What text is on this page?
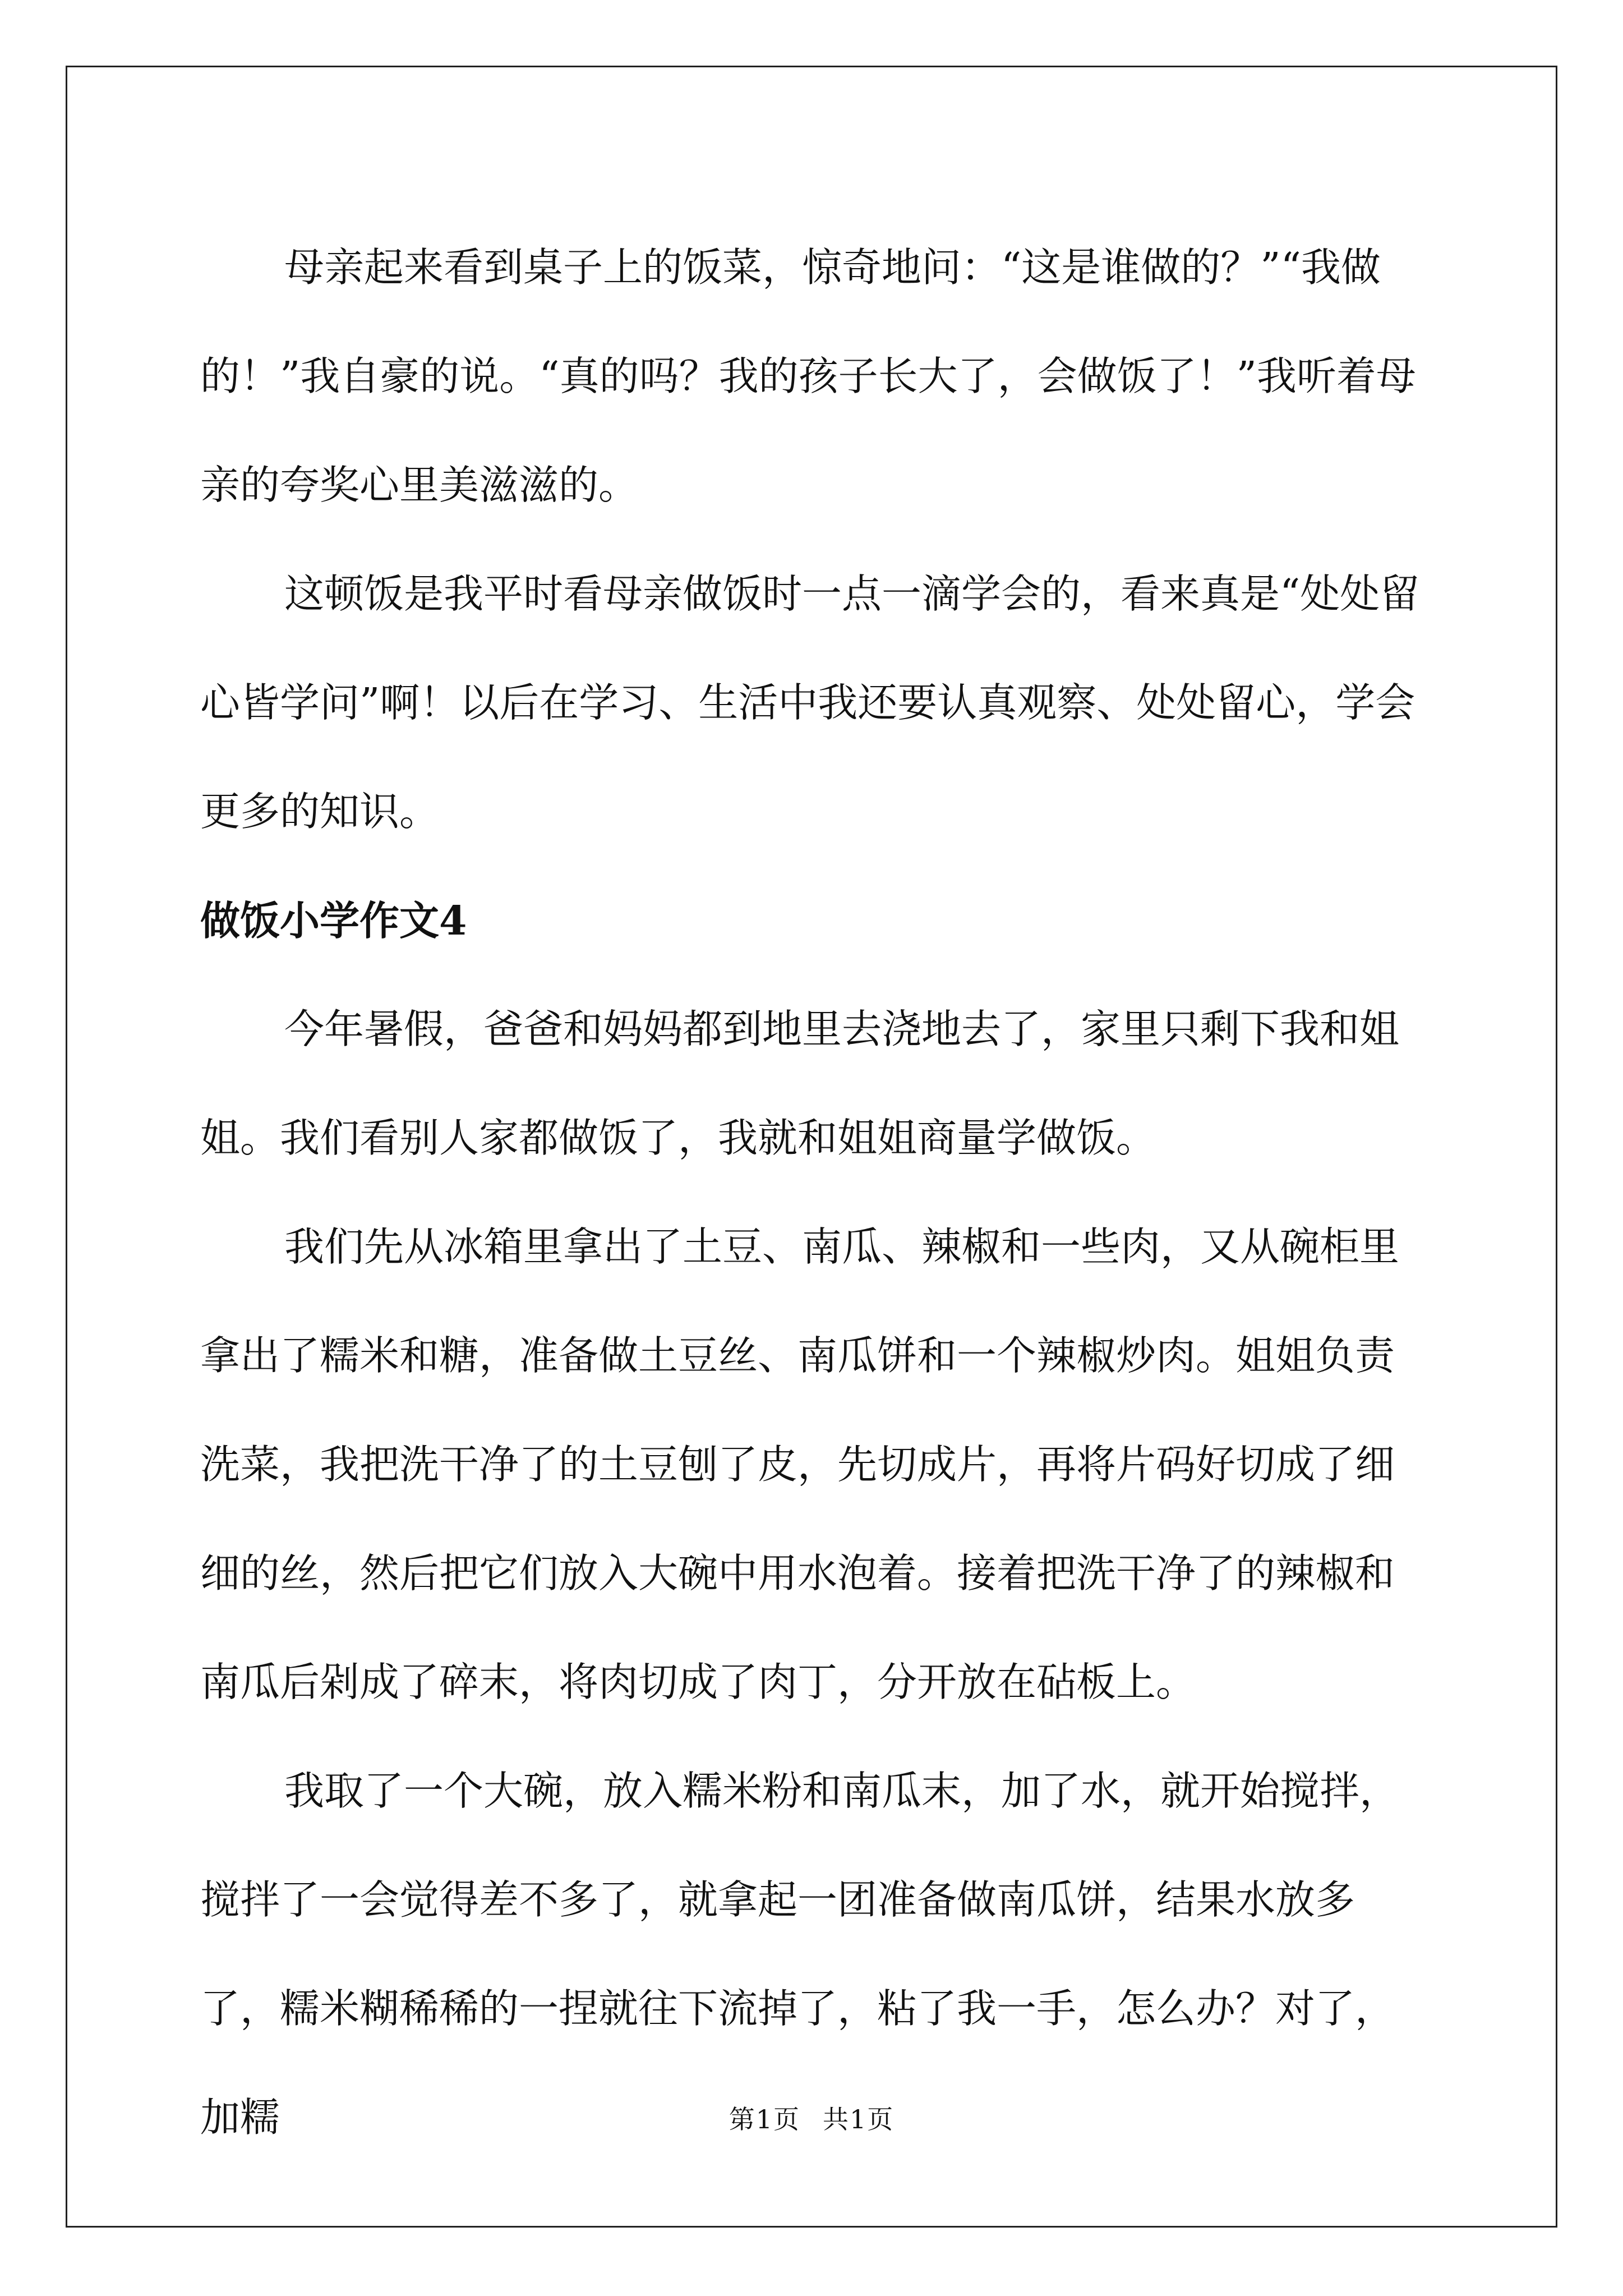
母亲起来看到桌子上的饭菜，惊奇地问：“这是谁做的？”“我做的！”我自豪的说。“真的吗？我的孩子长大了，会做饭了！”我听着母亲的夸奖心里美滋滋的。

这顿饭是我平时看母亲做饭时一点一滴学会的，看来真是“处处留心皆学问”啊！以后在学习、生活中我还要认真观察、处处留心，学会更多的知识。

做饭小学作文4

今年暑假，爸爸和妈妈都到地里去浇地去了，家里只剩下我和姐姐。我们看别人家都做饭了，我就和姐姐商量学做饭。

我们先从冰箱里拿出了土豆、南瓜、辣椒和一些肉，又从碗柜里拿出了糯米和糖，准备做土豆丝、南瓜饼和一个辣椒炒肉。姐姐负责洗菜，我把洗干净了的土豆刨了皮，先切成片，再将片码好切成了细细的丝，然后把它们放入大碗中用水泡着。接着把洗干净了的辣椒和南瓜后剁成了碎末，将肉切成了肉丁，分开放在砧板上。

我取了一个大碗，放入糯米粉和南瓜末，加了水，就开始搅拌，搅拌了一会觉得差不多了，就拿起一团准备做南瓜饼，结果水放多了，糯米糊稀稀的一捏就往下流掉了，粘了我一手，怎么办？对了，加糯	第1页 共1页
